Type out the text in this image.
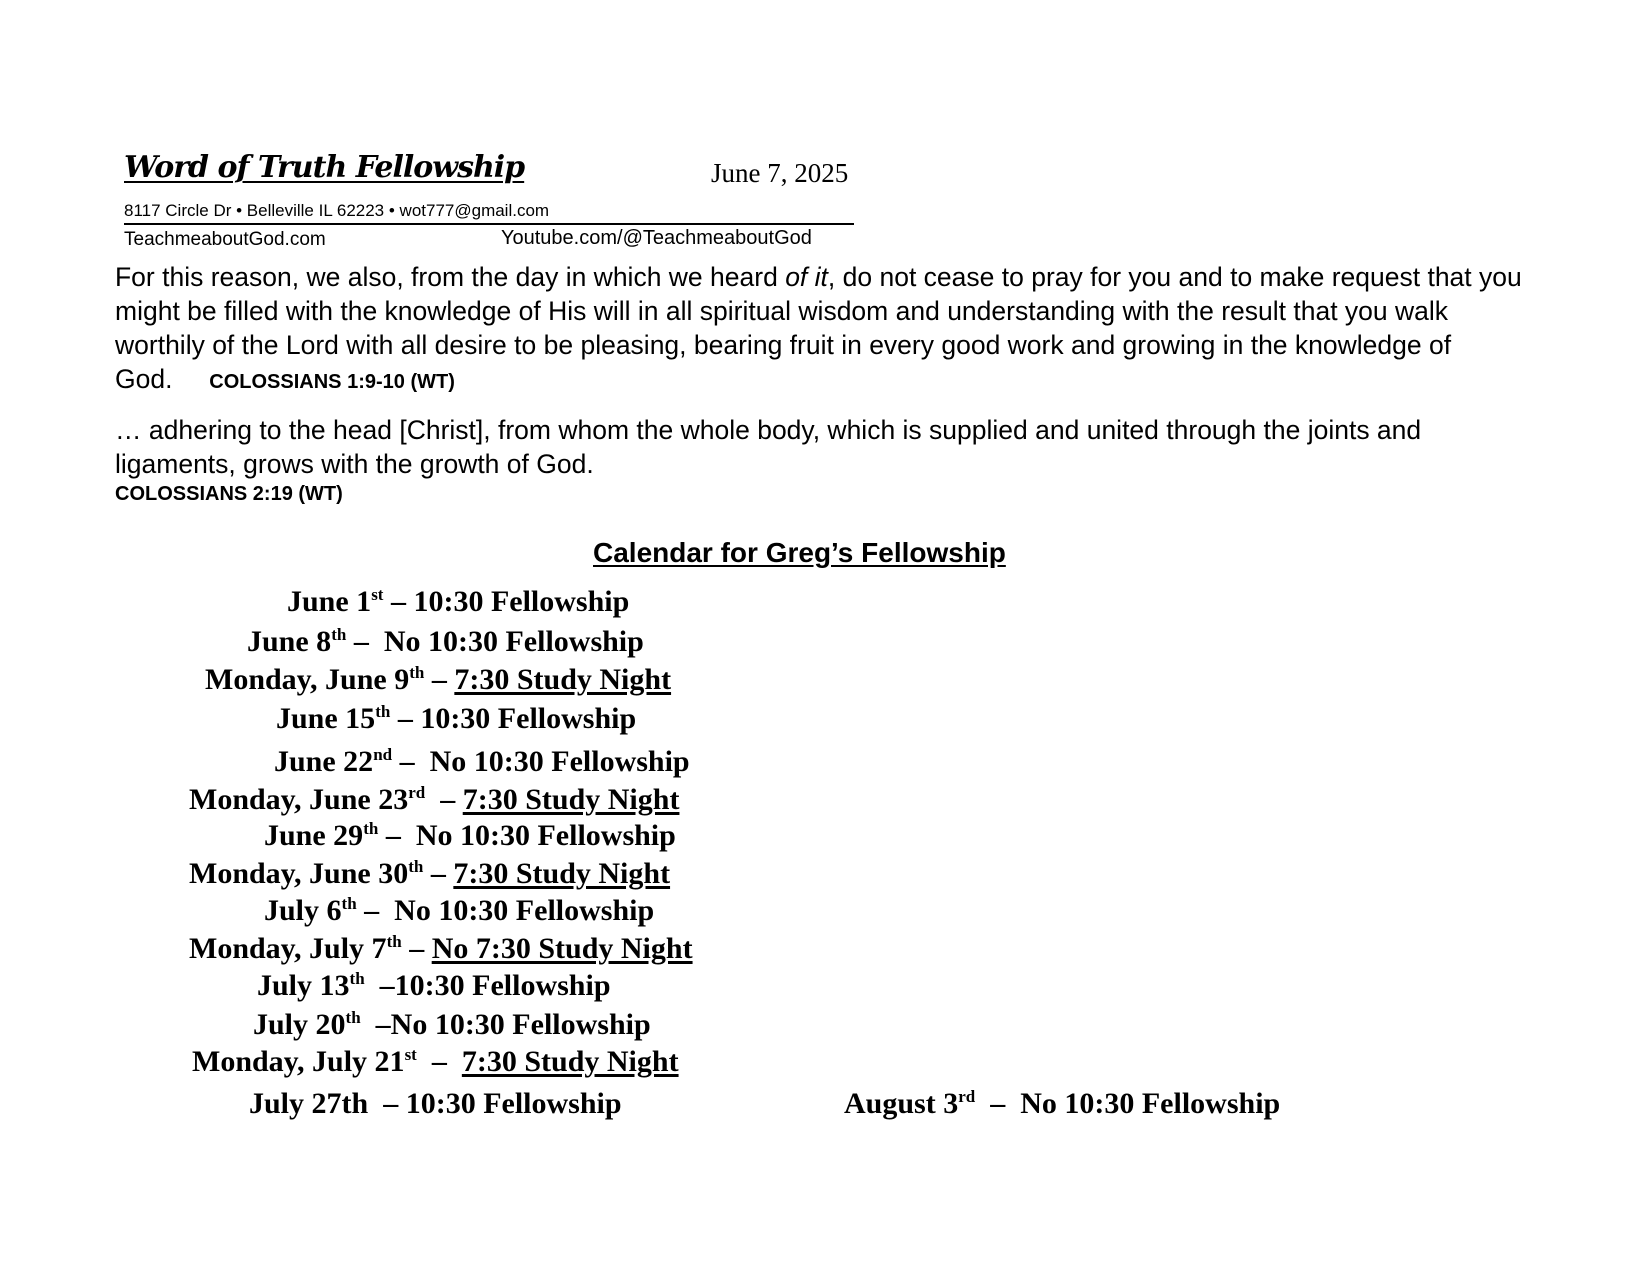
Word of Truth Fellowship	June 7, 2025
8117 Circle Dr • Belleville IL 62223 • wot777@gmail.com
TeachmeaboutGod.com	Youtube.com/@TeachmeaboutGod
For this reason, we also, from the day in which we heard of it, do not cease to pray for you and to make request that you might be filled with the knowledge of His will in all spiritual wisdom and understanding with the result that you walk worthily of the Lord with all desire to be pleasing, bearing fruit in every good work and growing in the knowledge of God. COLOSSIANS 1:9-10 (WT)
… adhering to the head [Christ], from whom the whole body, which is supplied and united through the joints and ligaments, grows with the growth of God.
COLOSSIANS 2:19 (WT)
Calendar for Greg’s Fellowship
June 1st – 10:30 Fellowship
June 8th –  No 10:30 Fellowship
Monday, June 9th – 7:30 Study Night
June 15th – 10:30 Fellowship
June 22nd –  No 10:30 Fellowship
Monday, June 23rd  – 7:30 Study Night
June 29th –  No 10:30 Fellowship
Monday, June 30th – 7:30 Study Night
July 6th –  No 10:30 Fellowship
Monday, July 7th – No 7:30 Study Night
July 13th  –10:30 Fellowship
July 20th  –No 10:30 Fellowship
Monday, July 21st  –  7:30 Study Night
July 27th  – 10:30 Fellowship	August 3rd  –  No 10:30 Fellowship
